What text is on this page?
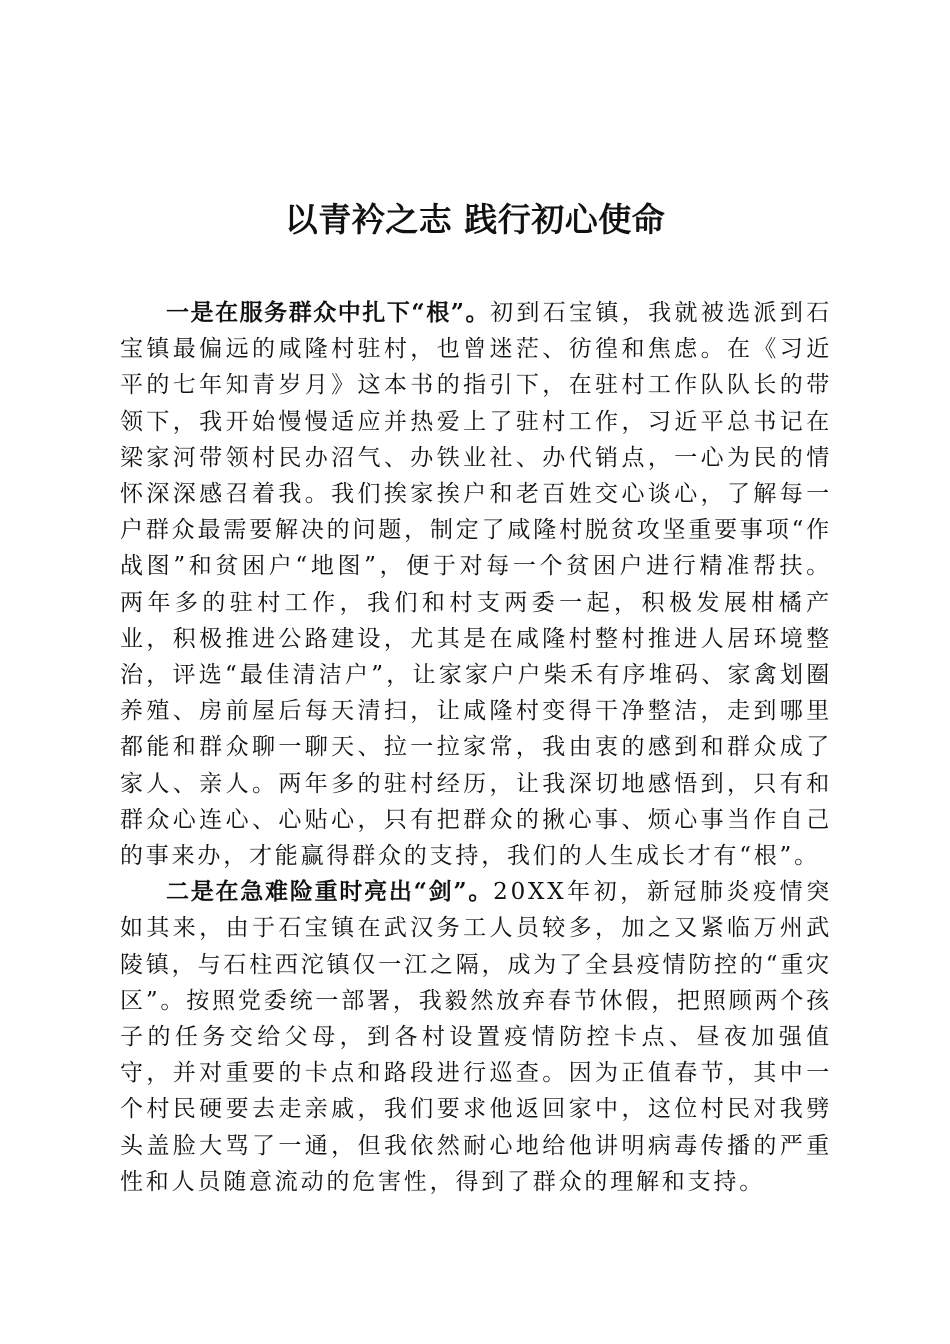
以青衿之志 践行初心使命

一是在服务群众中扎下“根”。初到石宝镇，我就被选派到石宝镇最偏远的咸隆村驻村，也曾迷茫、彷徨和焦虑。在《习近平的七年知青岁月》这本书的指引下，在驻村工作队队长的带领下，我开始慢慢适应并热爱上了驻村工作，习近平总书记在梁家河带领村民办沼气、办铁业社、办代销点，一心为民的情怀深深感召着我。我们挨家挨户和老百姓交心谈心，了解每一户群众最需要解决的问题，制定了咸隆村脱贫攻坚重要事项“作战图”和贫困户“地图”，便于对每一个贫困户进行精准帮扶。两年多的驻村工作，我们和村支两委一起，积极发展柑橘产业，积极推进公路建设，尤其是在咸隆村整村推进人居环境整治，评选“最佳清洁户”，让家家户户柴禾有序堆码、家禽划圈养殖、房前屋后每天清扫，让咸隆村变得干净整洁，走到哪里都能和群众聊一聊天、拉一拉家常，我由衷的感到和群众成了家人、亲人。两年多的驻村经历，让我深切地感悟到，只有和群众心连心、心贴心，只有把群众的揪心事、烦心事当作自己的事来办，才能赢得群众的支持，我们的人生成长才有“根”。

二是在急难险重时亮出“剑”。20XX年初，新冠肺炎疫情突如其来，由于石宝镇在武汉务工人员较多，加之又紧临万州武陵镇，与石柱西沱镇仅一江之隔，成为了全县疫情防控的“重灾区”。按照党委统一部署，我毅然放弃春节休假，把照顾两个孩子的任务交给父母，到各村设置疫情防控卡点、昼夜加强值守，并对重要的卡点和路段进行巡查。因为正值春节，其中一个村民硬要去走亲戚，我们要求他返回家中，这位村民对我劈头盖脸大骂了一通，但我依然耐心地给他讲明病毒传播的严重性和人员随意流动的危害性，得到了群众的理解和支持。
